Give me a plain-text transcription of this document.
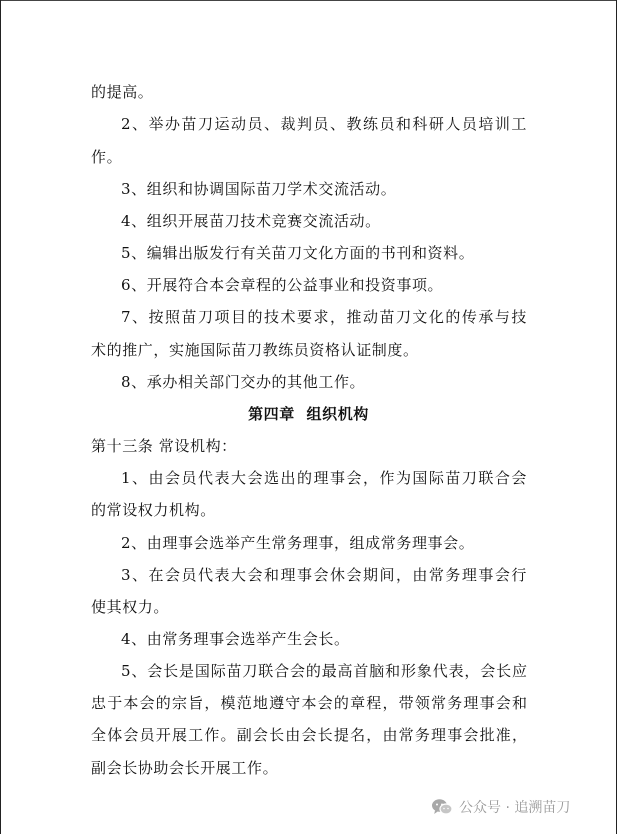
的提高。
2、举办苗刀运动员、裁判员、教练员和科研人员培训工
作。
3、组织和协调国际苗刀学术交流活动。
4、组织开展苗刀技术竞赛交流活动。
5、编辑出版发行有关苗刀文化方面的书刊和资料。
6、开展符合本会章程的公益事业和投资事项。
7、按照苗刀项目的技术要求，推动苗刀文化的传承与技
术的推广，实施国际苗刀教练员资格认证制度。
8、承办相关部门交办的其他工作。
第四章  组织机构
第十三条 常设机构：
1、由会员代表大会选出的理事会，作为国际苗刀联合会
的常设权力机构。
2、由理事会选举产生常务理事，组成常务理事会。
3、在会员代表大会和理事会休会期间，由常务理事会行
使其权力。
4、由常务理事会选举产生会长。
5、会长是国际苗刀联合会的最高首脑和形象代表，会长应
忠于本会的宗旨，模范地遵守本会的章程，带领常务理事会和
全体会员开展工作。副会长由会长提名，由常务理事会批准，
副会长协助会长开展工作。
公众号 · 追溯苗刀
